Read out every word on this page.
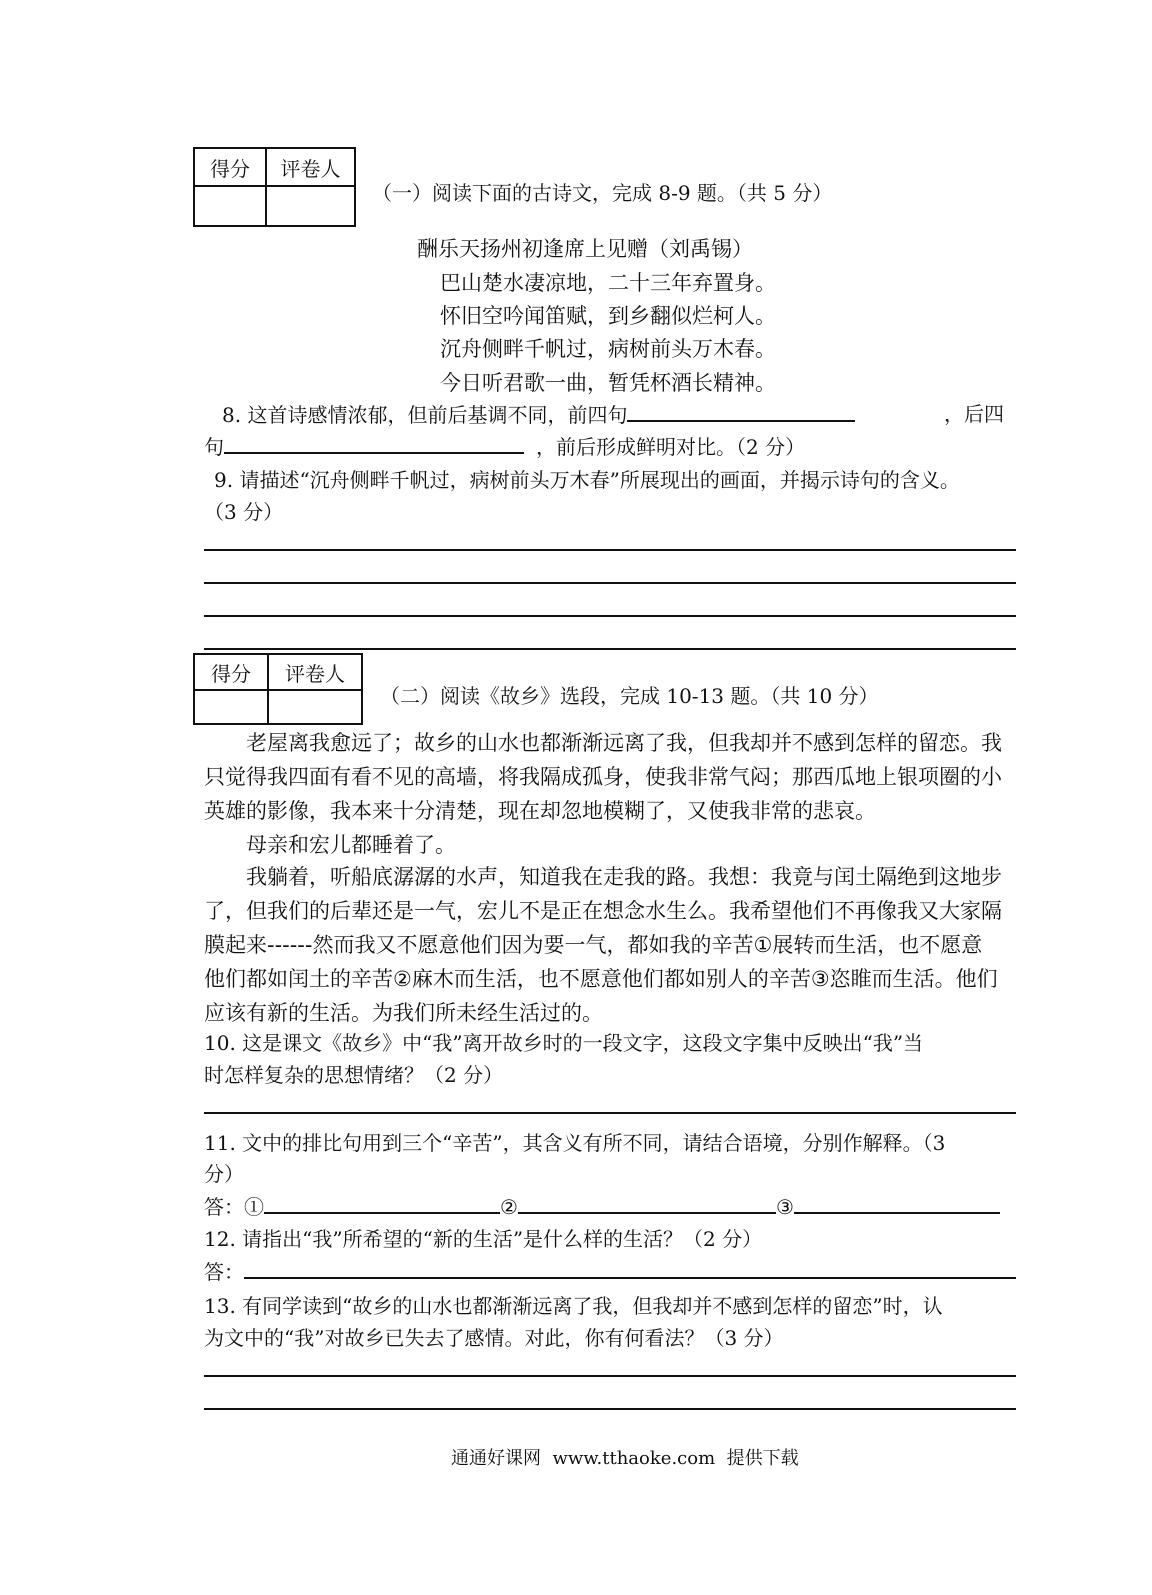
得分	评卷人

（一）阅读下面的古诗文，完成 8-9 题。（共 5 分）
酬乐天扬州初逢席上见赠（刘禹锡）
巴山楚水凄凉地，二十三年弃置身。
怀旧空吟闻笛赋，到乡翻似烂柯人。
沉舟侧畔千帆过，病树前头万木春。
今日听君歌一曲，暂凭杯酒长精神。
8. 这首诗感情浓郁，但前后基调不同，前四句	，后四
句	，前后形成鲜明对比。（2 分）
9. 请描述“沉舟侧畔千帆过，病树前头万木春”所展现出的画面，并揭示诗句的含义。
（3 分）
得分	评卷人

（二）阅读《故乡》选段，完成 10-13 题。（共 10 分）
　　老屋离我愈远了；故乡的山水也都渐渐远离了我，但我却并不感到怎样的留恋。我
只觉得我四面有看不见的高墙，将我隔成孤身，使我非常气闷；那西瓜地上银项圈的小
英雄的影像，我本来十分清楚，现在却忽地模糊了，又使我非常的悲哀。
　　母亲和宏儿都睡着了。
　　我躺着，听船底潺潺的水声，知道我在走我的路。我想：我竟与闰土隔绝到这地步
了，但我们的后辈还是一气，宏儿不是正在想念水生么。我希望他们不再像我又大家隔
膜起来------然而我又不愿意他们因为要一气，都如我的辛苦①展转而生活，也不愿意
他们都如闰土的辛苦②麻木而生活，也不愿意他们都如别人的辛苦③恣睢而生活。他们
应该有新的生活。为我们所未经生活过的。
10. 这是课文《故乡》中“我”离开故乡时的一段文字，这段文字集中反映出“我”当
时怎样复杂的思想情绪？（2 分）
11. 文中的排比句用到三个“辛苦”，其含义有所不同，请结合语境，分别作解释。（3
分）
答：①	②	③
12. 请指出“我”所希望的“新的生活”是什么样的生活？（2 分）
答：
13. 有同学读到“故乡的山水也都渐渐远离了我，但我却并不感到怎样的留恋”时，认
为文中的“我”对故乡已失去了感情。对此，你有何看法？（3 分）
通通好课网  www.tthaoke.com  提供下载
